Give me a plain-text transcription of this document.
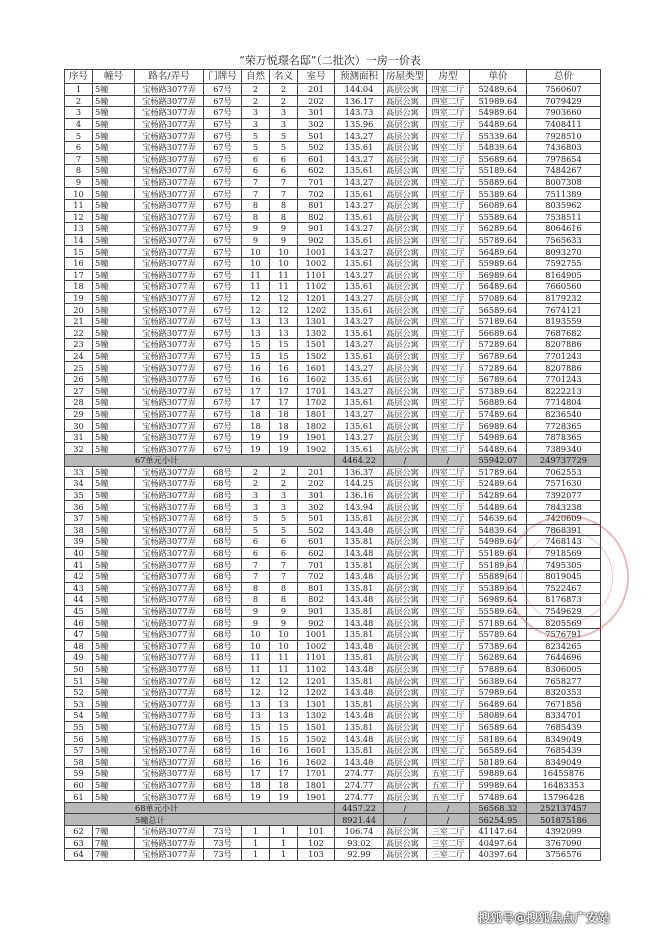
“荣万悦璟名邸”（二批次）一房一价表
序号	幢号	路名/弄号	门牌号	自然	名义	室号	预测面积	房屋类型	房型	单价	总价
1	5幢	宝杨路3077弄	67号	2	2	201	144.04	高层公寓	四室二厅	52489.64	7560607
2	5幢	宝杨路3077弄	67号	2	2	202	136.17	高层公寓	四室二厅	51989.64	7079429
3	5幢	宝杨路3077弄	67号	3	3	301	143.73	高层公寓	四室二厅	54989.64	7903660
4	5幢	宝杨路3077弄	67号	3	3	302	135.96	高层公寓	四室二厅	54489.64	7408411
5	5幢	宝杨路3077弄	67号	5	5	501	143.27	高层公寓	四室二厅	55339.64	7928510
6	5幢	宝杨路3077弄	67号	5	5	502	135.61	高层公寓	四室二厅	54839.64	7436803
7	5幢	宝杨路3077弄	67号	6	6	601	143.27	高层公寓	四室二厅	55689.64	7978654
8	5幢	宝杨路3077弄	67号	6	6	602	135.61	高层公寓	四室二厅	55189.64	7484267
9	5幢	宝杨路3077弄	67号	7	7	701	143.27	高层公寓	四室二厅	55889.64	8007308
10	5幢	宝杨路3077弄	67号	7	7	702	135.61	高层公寓	四室二厅	55389.64	7511389
11	5幢	宝杨路3077弄	67号	8	8	801	143.27	高层公寓	四室二厅	56089.64	8035962
12	5幢	宝杨路3077弄	67号	8	8	802	135.61	高层公寓	四室二厅	55589.64	7538511
13	5幢	宝杨路3077弄	67号	9	9	901	143.27	高层公寓	四室二厅	56289.64	8064616
14	5幢	宝杨路3077弄	67号	9	9	902	135.61	高层公寓	四室二厅	55789.64	7565633
15	5幢	宝杨路3077弄	67号	10	10	1001	143.27	高层公寓	四室二厅	56489.64	8093270
16	5幢	宝杨路3077弄	67号	10	10	1002	135.61	高层公寓	四室二厅	55989.64	7592755
17	5幢	宝杨路3077弄	67号	11	11	1101	143.27	高层公寓	四室二厅	56989.64	8164905
18	5幢	宝杨路3077弄	67号	11	11	1102	135.61	高层公寓	四室二厅	56489.64	7660560
19	5幢	宝杨路3077弄	67号	12	12	1201	143.27	高层公寓	四室二厅	57089.64	8179232
20	5幢	宝杨路3077弄	67号	12	12	1202	135.61	高层公寓	四室二厅	56589.64	7674121
21	5幢	宝杨路3077弄	67号	13	13	1301	143.27	高层公寓	四室二厅	57189.64	8193559
22	5幢	宝杨路3077弄	67号	13	13	1302	135.61	高层公寓	四室二厅	56689.64	7687682
23	5幢	宝杨路3077弄	67号	15	15	1501	143.27	高层公寓	四室二厅	57289.64	8207886
24	5幢	宝杨路3077弄	67号	15	15	1502	135.61	高层公寓	四室二厅	56789.64	7701243
25	5幢	宝杨路3077弄	67号	16	16	1601	143.27	高层公寓	四室二厅	57289.64	8207886
26	5幢	宝杨路3077弄	67号	16	16	1602	135.61	高层公寓	四室二厅	56789.64	7701243
27	5幢	宝杨路3077弄	67号	17	17	1701	143.27	高层公寓	四室二厅	57389.64	8222213
28	5幢	宝杨路3077弄	67号	17	17	1702	135.61	高层公寓	四室二厅	56889.64	7714804
29	5幢	宝杨路3077弄	67号	18	18	1801	143.27	高层公寓	四室二厅	57489.64	8236540
30	5幢	宝杨路3077弄	67号	18	18	1802	135.61	高层公寓	四室二厅	56989.64	7728365
31	5幢	宝杨路3077弄	67号	19	19	1901	143.27	高层公寓	四室二厅	54989.64	7878365
32	5幢	宝杨路3077弄	67号	19	19	1902	135.61	高层公寓	四室二厅	54489.64	7389340
67单元小计							4464.22	/	/	55942.07	249737729
33	5幢	宝杨路3077弄	68号	2	2	201	136.37	高层公寓	四室二厅	51789.64	7062553
34	5幢	宝杨路3077弄	68号	2	2	202	144.25	高层公寓	四室二厅	52489.64	7571630
35	5幢	宝杨路3077弄	68号	3	3	301	136.16	高层公寓	四室二厅	54289.64	7392077
36	5幢	宝杨路3077弄	68号	3	3	302	143.94	高层公寓	四室二厅	54489.64	7843238
37	5幢	宝杨路3077弄	68号	5	5	501	135.81	高层公寓	四室二厅	54639.64	7420609
38	5幢	宝杨路3077弄	68号	5	5	502	143.48	高层公寓	四室二厅	54839.64	7868391
39	5幢	宝杨路3077弄	68号	6	6	601	135.81	高层公寓	四室二厅	54989.64	7468143
40	5幢	宝杨路3077弄	68号	6	6	602	143.48	高层公寓	四室二厅	55189.64	7918569
41	5幢	宝杨路3077弄	68号	7	7	701	135.81	高层公寓	四室二厅	55189.64	7495305
42	5幢	宝杨路3077弄	68号	7	7	702	143.48	高层公寓	四室二厅	55889.64	8019045
43	5幢	宝杨路3077弄	68号	8	8	801	135.81	高层公寓	四室二厅	55389.64	7522467
44	5幢	宝杨路3077弄	68号	8	8	802	143.48	高层公寓	四室二厅	56989.64	8176873
45	5幢	宝杨路3077弄	68号	9	9	901	135.81	高层公寓	四室二厅	55589.64	7549629
46	5幢	宝杨路3077弄	68号	9	9	902	143.48	高层公寓	四室二厅	57189.64	8205569
47	5幢	宝杨路3077弄	68号	10	10	1001	135.81	高层公寓	四室二厅	55789.64	7576791
48	5幢	宝杨路3077弄	68号	10	10	1002	143.48	高层公寓	四室二厅	57389.64	8234265
49	5幢	宝杨路3077弄	68号	11	11	1101	135.81	高层公寓	四室二厅	56289.64	7644696
50	5幢	宝杨路3077弄	68号	11	11	1102	143.48	高层公寓	四室二厅	57889.64	8306005
51	5幢	宝杨路3077弄	68号	12	12	1201	135.81	高层公寓	四室二厅	56389.64	7658277
52	5幢	宝杨路3077弄	68号	12	12	1202	143.48	高层公寓	四室二厅	57989.64	8320353
53	5幢	宝杨路3077弄	68号	13	13	1301	135.81	高层公寓	四室二厅	56489.64	7671858
54	5幢	宝杨路3077弄	68号	13	13	1302	143.48	高层公寓	四室二厅	58089.64	8334701
55	5幢	宝杨路3077弄	68号	15	15	1501	135.81	高层公寓	四室二厅	56589.64	7685439
56	5幢	宝杨路3077弄	68号	15	15	1502	143.48	高层公寓	四室二厅	58189.64	8349049
57	5幢	宝杨路3077弄	68号	16	16	1601	135.81	高层公寓	四室二厅	56589.64	7685439
58	5幢	宝杨路3077弄	68号	16	16	1602	143.48	高层公寓	四室二厅	58189.64	8349049
59	5幢	宝杨路3077弄	68号	17	17	1701	274.77	高层公寓	五室二厅	59889.64	16455876
60	5幢	宝杨路3077弄	68号	18	18	1801	274.77	高层公寓	五室二厅	59989.64	16483353
61	5幢	宝杨路3077弄	68号	19	19	1901	274.77	高层公寓	五室二厅	57489.64	15796428
68单元小计							4457.22	/	/	56568.32	252137457
5幢总计							8921.44	/	/	56254.95	501875186
62	7幢	宝杨路3077弄	73号	1	1	101	106.74	高层公寓	三室二厅	41147.64	4392099
63	7幢	宝杨路3077弄	73号	1	1	102	93.02	高层公寓	三室二厅	40497.64	3767090
64	7幢	宝杨路3077弄	73号	1	1	103	92.99	高层公寓	三室二厅	40397.64	3756576
搜狐号@搜狐焦点广安站
